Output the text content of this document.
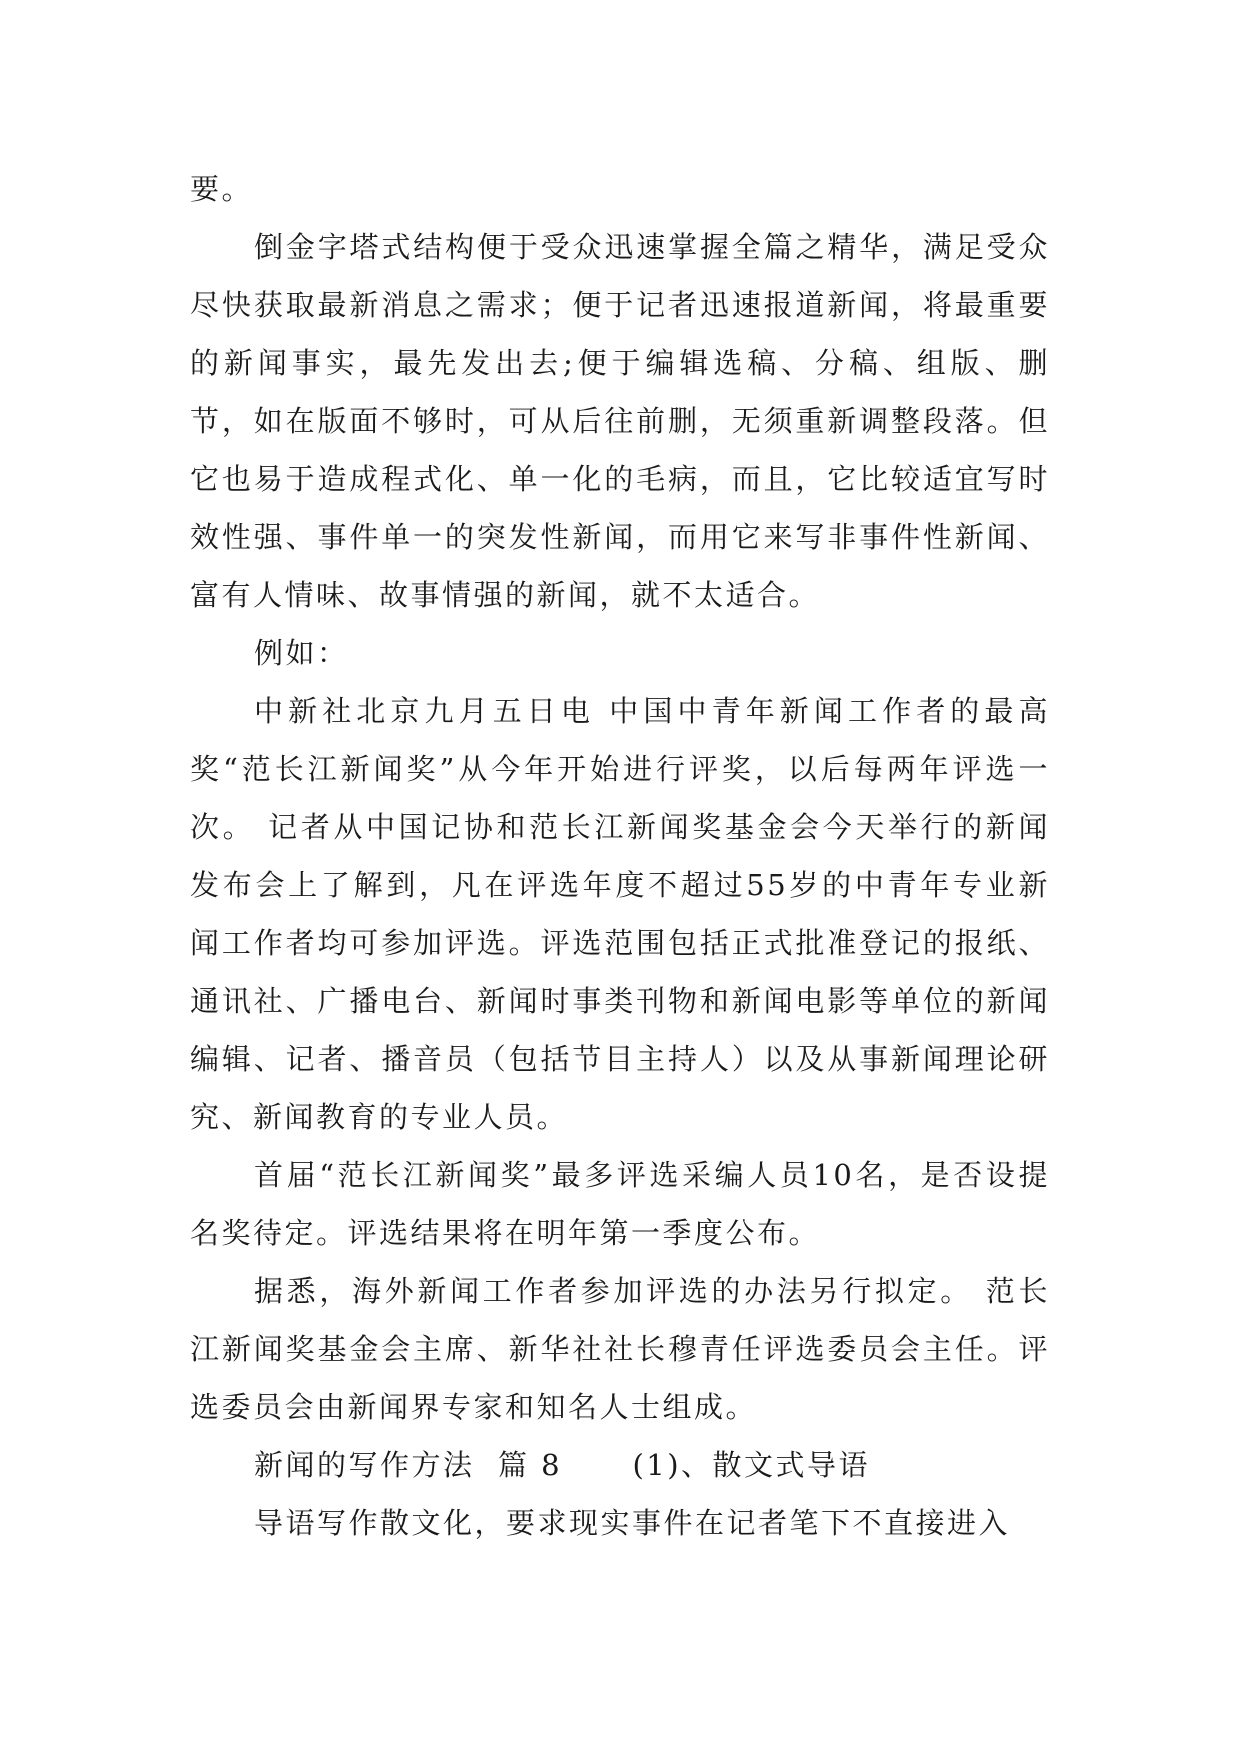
要。

倒金字塔式结构便于受众迅速掌握全篇之精华，满足受众尽快获取最新消息之需求；便于记者迅速报道新闻，将最重要的新闻事实，最先发出去;便于编辑选稿、分稿、组版、删节，如在版面不够时，可从后往前删，无须重新调整段落。但它也易于造成程式化、单一化的毛病，而且，它比较适宜写时效性强、事件单一的突发性新闻，而用它来写非事件性新闻、富有人情味、故事情强的新闻，就不太适合。

例如：

中新社北京九月五日电 中国中青年新闻工作者的最高奖“范长江新闻奖”从今年开始进行评奖，以后每两年评选一次。 记者从中国记协和范长江新闻奖基金会今天举行的新闻发布会上了解到，凡在评选年度不超过55岁的中青年专业新闻工作者均可参加评选。评选范围包括正式批准登记的报纸、通讯社、广播电台、新闻时事类刊物和新闻电影等单位的新闻编辑、记者、播音员（包括节目主持人）以及从事新闻理论研究、新闻教育的专业人员。

首届“范长江新闻奖”最多评选采编人员10名，是否设提名奖待定。评选结果将在明年第一季度公布。

据悉，海外新闻工作者参加评选的办法另行拟定。 范长江新闻奖基金会主席、新华社社长穆青任评选委员会主任。评选委员会由新闻界专家和知名人士组成。

新闻的写作方法 篇 8 (1)、散文式导语

导语写作散文化，要求现实事件在记者笔下不直接进入
